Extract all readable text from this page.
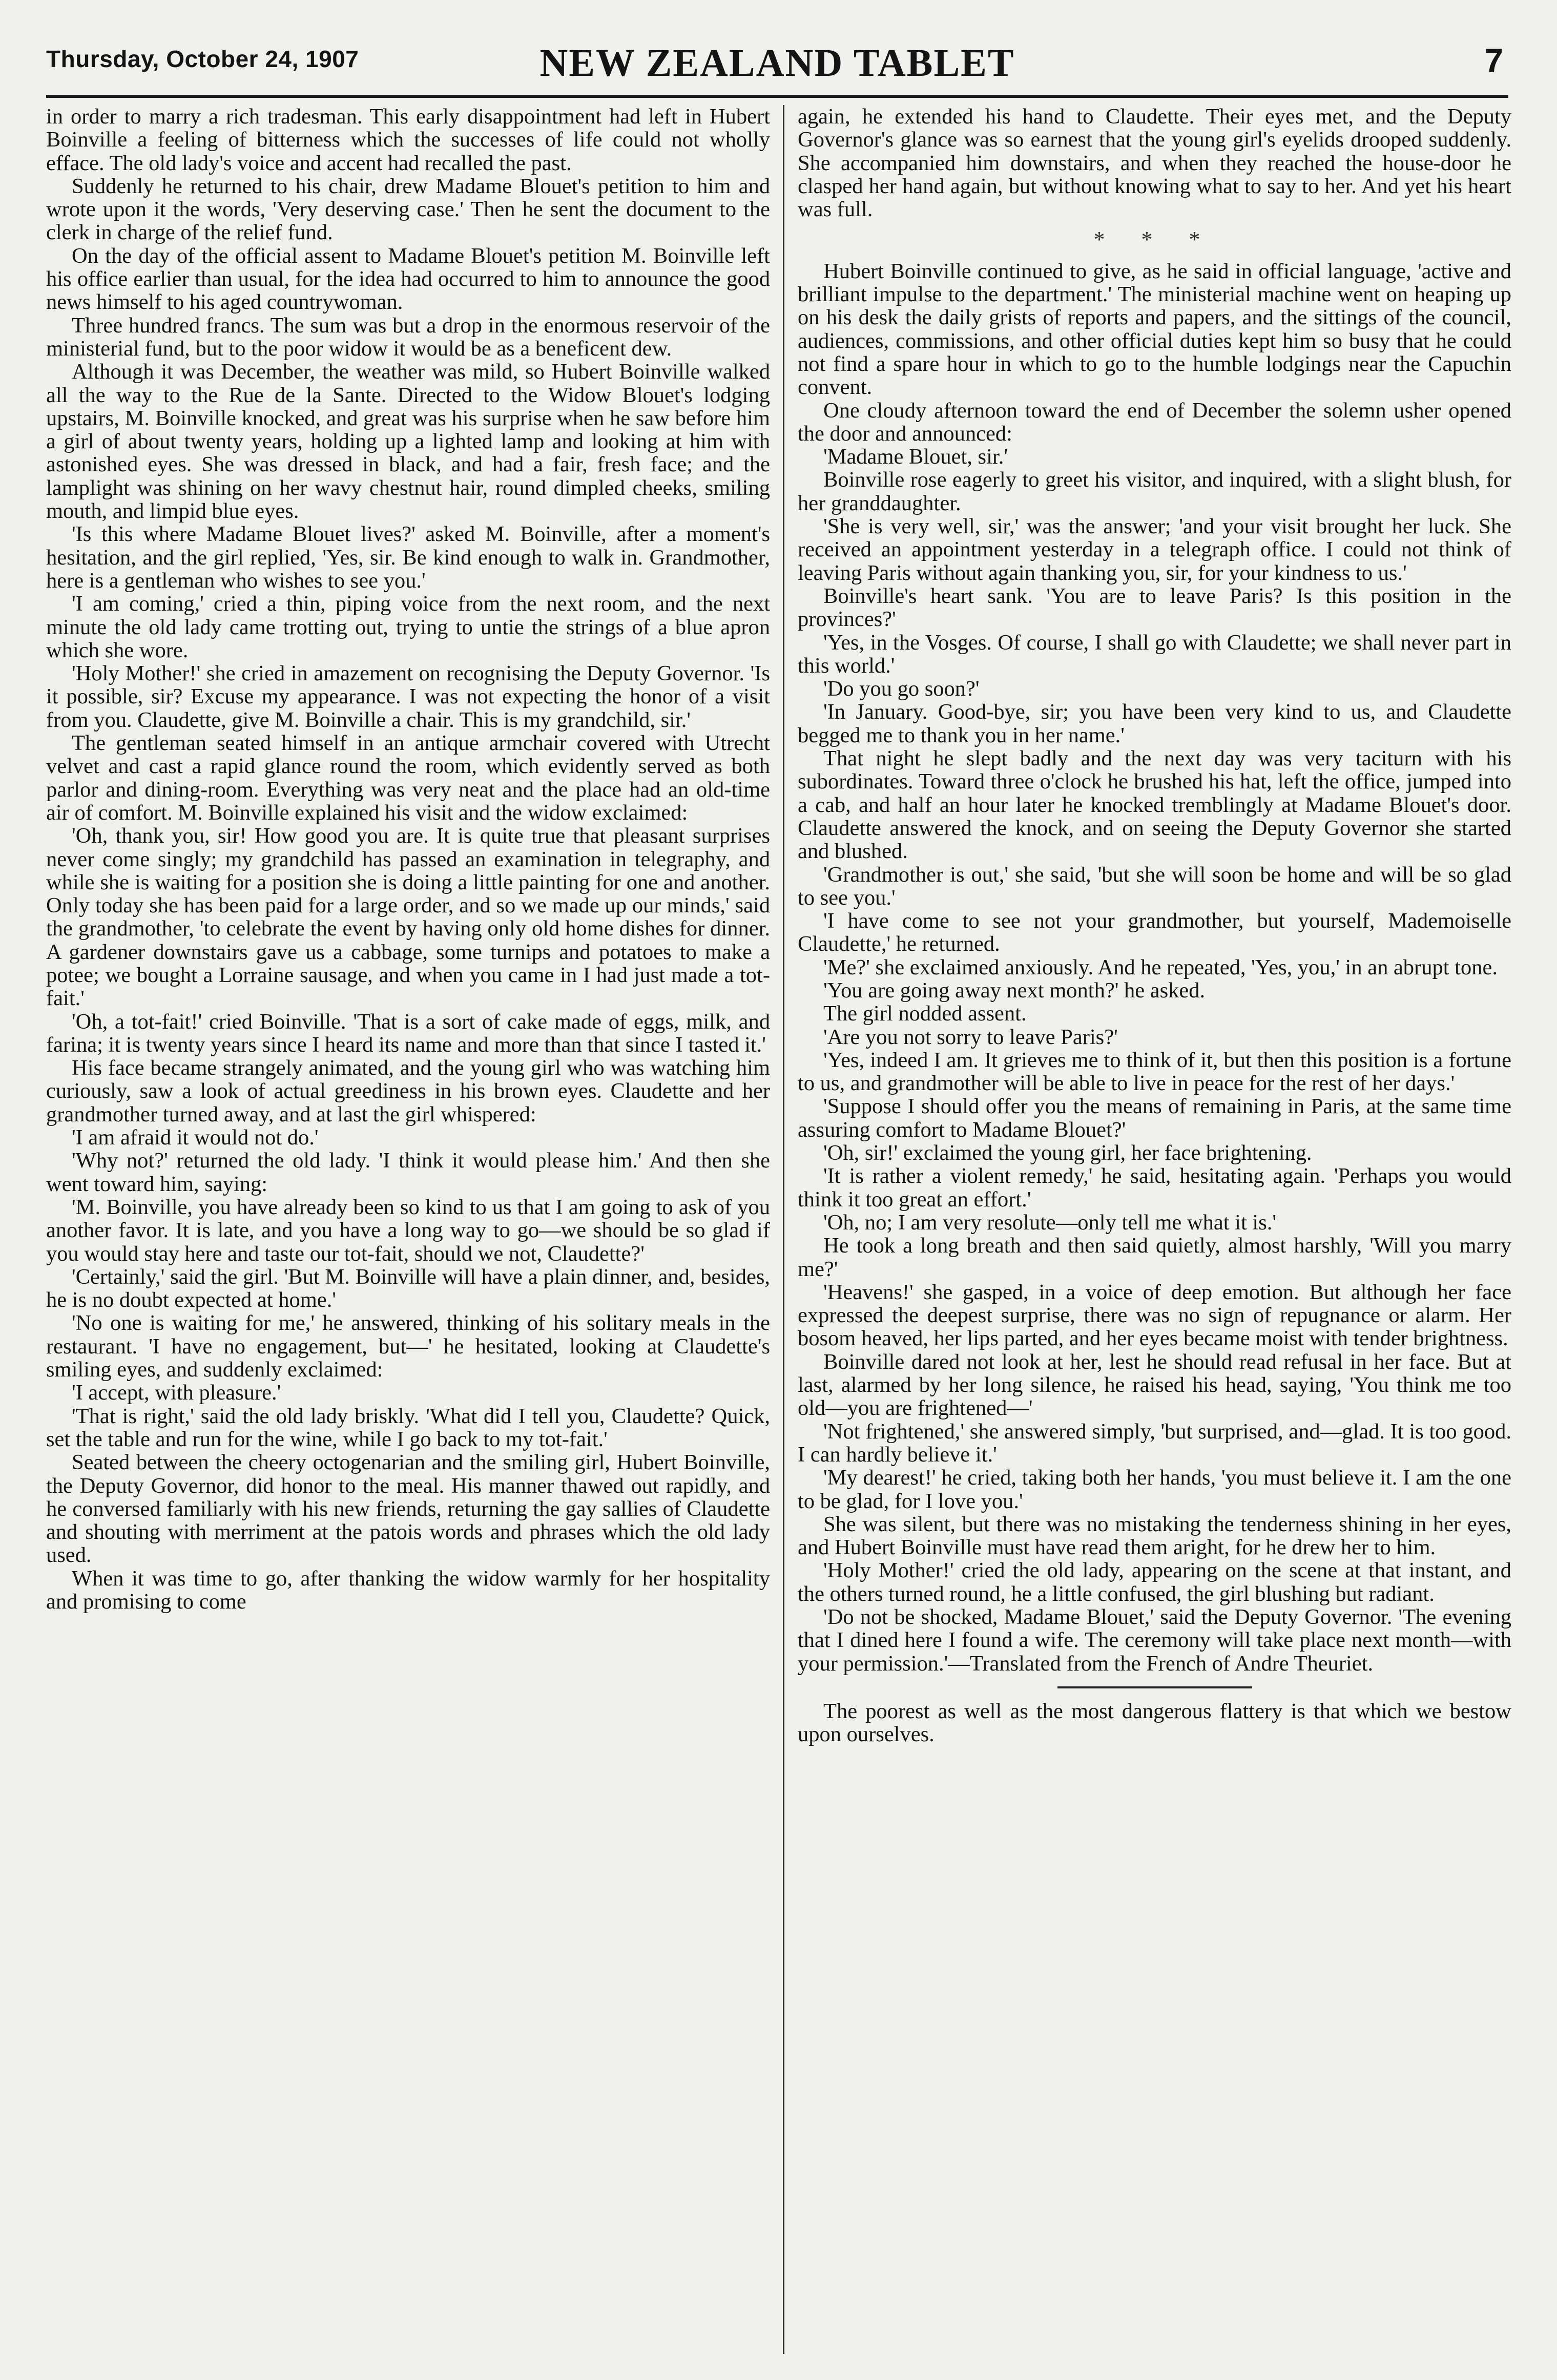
Thursday, October 24, 1907	NEW ZEALAND TABLET	7

in order to marry a rich tradesman. This early disappointment had left in Hubert Boinville a feeling of bitterness which the successes of life could not wholly efface. The old lady's voice and accent had recalled the past.

Suddenly he returned to his chair, drew Madame Blouet's petition to him and wrote upon it the words, 'Very deserving case.' Then he sent the document to the clerk in charge of the relief fund.

On the day of the official assent to Madame Blouet's petition M. Boinville left his office earlier than usual, for the idea had occurred to him to announce the good news himself to his aged countrywoman.

Three hundred francs. The sum was but a drop in the enormous reservoir of the ministerial fund, but to the poor widow it would be as a beneficent dew.

Although it was December, the weather was mild, so Hubert Boinville walked all the way to the Rue de la Sante. Directed to the Widow Blouet's lodging upstairs, M. Boinville knocked, and great was his surprise when he saw before him a girl of about twenty years, holding up a lighted lamp and looking at him with astonished eyes. She was dressed in black, and had a fair, fresh face; and the lamplight was shining on her wavy chestnut hair, round dimpled cheeks, smiling mouth, and limpid blue eyes.

'Is this where Madame Blouet lives?' asked M. Boinville, after a moment's hesitation, and the girl replied, 'Yes, sir. Be kind enough to walk in. Grandmother, here is a gentleman who wishes to see you.'

'I am coming,' cried a thin, piping voice from the next room, and the next minute the old lady came trotting out, trying to untie the strings of a blue apron which she wore.

'Holy Mother!' she cried in amazement on recognising the Deputy Governor. 'Is it possible, sir? Excuse my appearance. I was not expecting the honor of a visit from you. Claudette, give M. Boinville a chair. This is my grandchild, sir.'

The gentleman seated himself in an antique armchair covered with Utrecht velvet and cast a rapid glance round the room, which evidently served as both parlor and dining-room. Everything was very neat and the place had an old-time air of comfort. M. Boinville explained his visit and the widow exclaimed:

'Oh, thank you, sir! How good you are. It is quite true that pleasant surprises never come singly; my grandchild has passed an examination in telegraphy, and while she is waiting for a position she is doing a little painting for one and another. Only today she has been paid for a large order, and so we made up our minds,' said the grandmother, 'to celebrate the event by having only old home dishes for dinner. A gardener downstairs gave us a cabbage, some turnips and potatoes to make a potee; we bought a Lorraine sausage, and when you came in I had just made a tot-fait.'

'Oh, a tot-fait!' cried Boinville. 'That is a sort of cake made of eggs, milk, and farina; it is twenty years since I heard its name and more than that since I tasted it.'

His face became strangely animated, and the young girl who was watching him curiously, saw a look of actual greediness in his brown eyes. Claudette and her grandmother turned away, and at last the girl whispered:

'I am afraid it would not do.'

'Why not?' returned the old lady. 'I think it would please him.' And then she went toward him, saying:

'M. Boinville, you have already been so kind to us that I am going to ask of you another favor. It is late, and you have a long way to go—we should be so glad if you would stay here and taste our tot-fait, should we not, Claudette?'

'Certainly,' said the girl. 'But M. Boinville will have a plain dinner, and, besides, he is no doubt expected at home.'

'No one is waiting for me,' he answered, thinking of his solitary meals in the restaurant. 'I have no engagement, but—' he hesitated, looking at Claudette's smiling eyes, and suddenly exclaimed:

'I accept, with pleasure.'

'That is right,' said the old lady briskly. 'What did I tell you, Claudette? Quick, set the table and run for the wine, while I go back to my tot-fait.'

Seated between the cheery octogenarian and the smiling girl, Hubert Boinville, the Deputy Governor, did honor to the meal. His manner thawed out rapidly, and he conversed familiarly with his new friends, returning the gay sallies of Claudette and shouting with merriment at the patois words and phrases which the old lady used.

When it was time to go, after thanking the widow warmly for her hospitality and promising to come

again, he extended his hand to Claudette. Their eyes met, and the Deputy Governor's glance was so earnest that the young girl's eyelids drooped suddenly. She accompanied him downstairs, and when they reached the house-door he clasped her hand again, but without knowing what to say to her. And yet his heart was full.

* * *

Hubert Boinville continued to give, as he said in official language, 'active and brilliant impulse to the department.' The ministerial machine went on heaping up on his desk the daily grists of reports and papers, and the sittings of the council, audiences, commissions, and other official duties kept him so busy that he could not find a spare hour in which to go to the humble lodgings near the Capuchin convent.

One cloudy afternoon toward the end of December the solemn usher opened the door and announced:

'Madame Blouet, sir.'

Boinville rose eagerly to greet his visitor, and inquired, with a slight blush, for her granddaughter.

'She is very well, sir,' was the answer; 'and your visit brought her luck. She received an appointment yesterday in a telegraph office. I could not think of leaving Paris without again thanking you, sir, for your kindness to us.'

Boinville's heart sank. 'You are to leave Paris? Is this position in the provinces?'

'Yes, in the Vosges. Of course, I shall go with Claudette; we shall never part in this world.'

'Do you go soon?'

'In January. Good-bye, sir; you have been very kind to us, and Claudette begged me to thank you in her name.'

That night he slept badly and the next day was very taciturn with his subordinates. Toward three o'clock he brushed his hat, left the office, jumped into a cab, and half an hour later he knocked tremblingly at Madame Blouet's door. Claudette answered the knock, and on seeing the Deputy Governor she started and blushed.

'Grandmother is out,' she said, 'but she will soon be home and will be so glad to see you.'

'I have come to see not your grandmother, but yourself, Mademoiselle Claudette,' he returned.

'Me?' she exclaimed anxiously. And he repeated, 'Yes, you,' in an abrupt tone.

'You are going away next month?' he asked.

The girl nodded assent.

'Are you not sorry to leave Paris?'

'Yes, indeed I am. It grieves me to think of it, but then this position is a fortune to us, and grandmother will be able to live in peace for the rest of her days.'

'Suppose I should offer you the means of remaining in Paris, at the same time assuring comfort to Madame Blouet?'

'Oh, sir!' exclaimed the young girl, her face brightening.

'It is rather a violent remedy,' he said, hesitating again. 'Perhaps you would think it too great an effort.'

'Oh, no; I am very resolute—only tell me what it is.'

He took a long breath and then said quietly, almost harshly, 'Will you marry me?'

'Heavens!' she gasped, in a voice of deep emotion. But although her face expressed the deepest surprise, there was no sign of repugnance or alarm. Her bosom heaved, her lips parted, and her eyes became moist with tender brightness.

Boinville dared not look at her, lest he should read refusal in her face. But at last, alarmed by her long silence, he raised his head, saying, 'You think me too old—you are frightened—'

'Not frightened,' she answered simply, 'but surprised, and—glad. It is too good. I can hardly believe it.'

'My dearest!' he cried, taking both her hands, 'you must believe it. I am the one to be glad, for I love you.'

She was silent, but there was no mistaking the tenderness shining in her eyes, and Hubert Boinville must have read them aright, for he drew her to him.

'Holy Mother!' cried the old lady, appearing on the scene at that instant, and the others turned round, he a little confused, the girl blushing but radiant.

'Do not be shocked, Madame Blouet,' said the Deputy Governor. 'The evening that I dined here I found a wife. The ceremony will take place next month—with your permission.'—Translated from the French of Andre Theuriet.

The poorest as well as the most dangerous flattery is that which we bestow upon ourselves.
